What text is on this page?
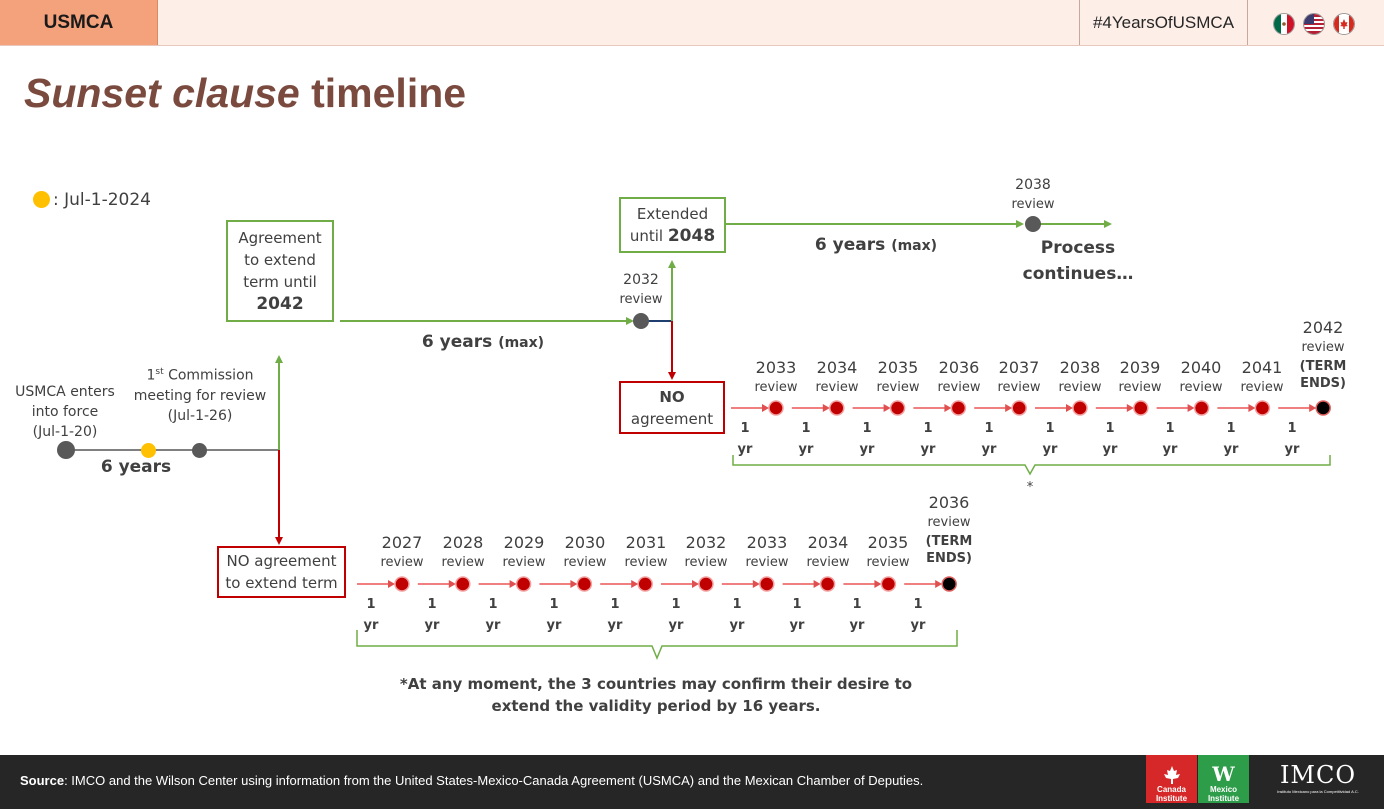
USMCA	#4YearsOfUSMCA
Sunset clause timeline
: Jul-1-2024
USMCA enters
into force
(Jul-1-20)
1st Commission
meeting for review
(Jul-1-26)
6 years
Agreement
to extend
term until
2042
6 years (max)
2032
review
Extended
until 2048	6 years (max)
2038
review
Process
continues…
NO
agreement
NO agreement
to extend term
2033
review
2034
review
2035
review
2036
review
2037
review
2038
review
2039
review
2040
review
2041
review
2042
review
(TERM
ENDS)
1
yr
1
yr
1
yr
1
yr
1
yr
1
yr
1
yr
1
yr
1
yr
1
yr
*
2027
review
2028
review
2029
review
2030
review
2031
review
2032
review
2033
review
2034
review
2035
review
2036
review
(TERM
ENDS)
1
yr
1
yr
1
yr
1
yr
1
yr
1
yr
1
yr
1
yr
1
yr
1
yr
*At any moment, the 3 countries may confirm their desire to
extend the validity period by 16 years.
Source: IMCO and the Wilson Center using information from the United States-Mexico-Canada Agreement (USMCA) and the Mexican Chamber of Deputies.
Canada
Institute
W
Mexico
Institute
IMCO
Instituto Mexicano para la Competitividad A.C.
